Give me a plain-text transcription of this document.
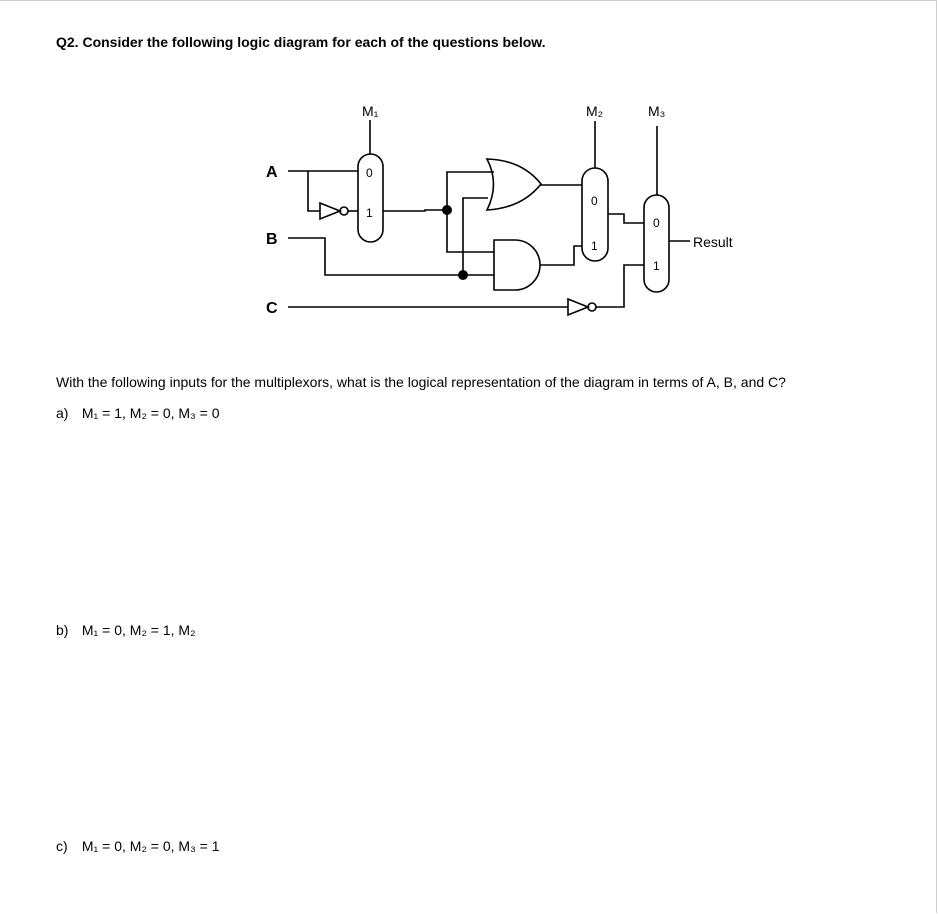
Q2. Consider the following logic diagram for each of the questions below.
A
B
C
M₁
0
1
M₂
0
1
M₃
0
1
Result
With the following inputs for the multiplexors, what is the logical representation of the diagram in terms of A, B, and C?
a) M₁ = 1, M₂ = 0, M₃ = 0
b) M₁ = 0, M₂ = 1, M₂
c) M₁ = 0, M₂ = 0, M₃ = 1
